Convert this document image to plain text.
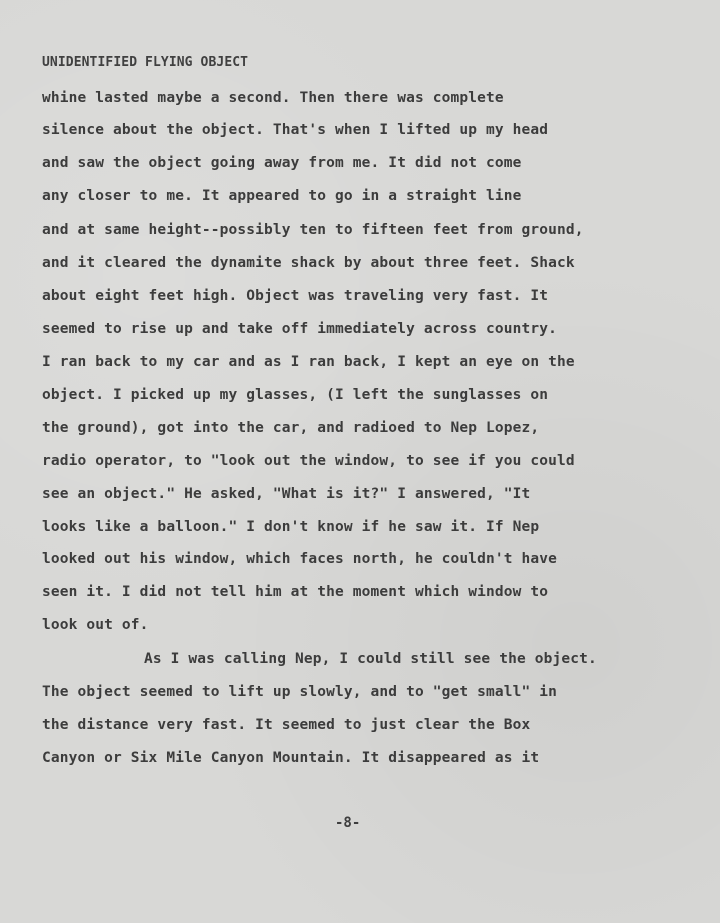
UNIDENTIFIED FLYING OBJECT
whine lasted maybe a second. Then there was complete
silence about the object. That's when I lifted up my head
and saw the object going away from me. It did not come
any closer to me. It appeared to go in a straight line
and at same height--possibly ten to fifteen feet from ground,
and it cleared the dynamite shack by about three feet. Shack
about eight feet high. Object was traveling very fast. It
seemed to rise up and take off immediately across country.
I ran back to my car and as I ran back, I kept an eye on the
object. I picked up my glasses, (I left the sunglasses on
the ground), got into the car, and radioed to Nep Lopez,
radio operator, to "look out the window, to see if you could
see an object." He asked, "What is it?" I answered, "It
looks like a balloon." I don't know if he saw it. If Nep
looked out his window, which faces north, he couldn't have
seen it. I did not tell him at the moment which window to
look out of.
As I was calling Nep, I could still see the object.
The object seemed to lift up slowly, and to "get small" in
the distance very fast. It seemed to just clear the Box
Canyon or Six Mile Canyon Mountain. It disappeared as it
-8-
